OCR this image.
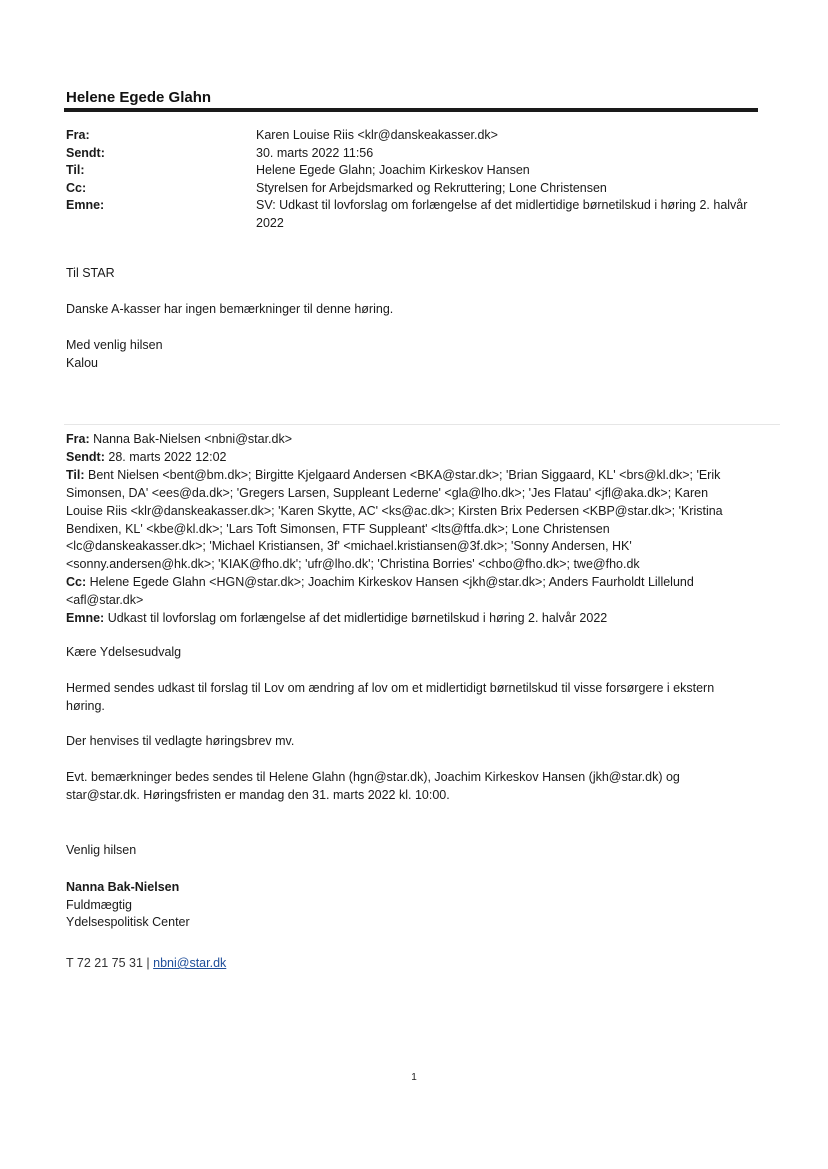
Helene Egede Glahn
Fra:	Karen Louise Riis <klr@danskeakasser.dk>
Sendt:	30. marts 2022 11:56
Til:	Helene Egede Glahn; Joachim Kirkeskov Hansen
Cc:	Styrelsen for Arbejdsmarked og Rekruttering; Lone Christensen
Emne:	SV: Udkast til lovforslag om forlængelse af det midlertidige børnetilskud i høring 2. halvår 2022

Til STAR

Danske A-kasser har ingen bemærkninger til denne høring.

Med venlig hilsen

Kalou

Fra: Nanna Bak-Nielsen <nbni@star.dk>

Sendt: 28. marts 2022 12:02

Til: Bent Nielsen <bent@bm.dk>; Birgitte Kjelgaard Andersen <BKA@star.dk>; 'Brian Siggaard, KL' <brs@kl.dk>; 'Erik Simonsen, DA' <ees@da.dk>; 'Gregers Larsen, Suppleant Ledernе' <gla@lho.dk>; 'Jes Flatau' <jfl@aka.dk>; Karen Louise Riis <klr@danskeakasser.dk>; 'Karen Skytte, AC' <ks@ac.dk>; Kirsten Brix Pedersen <KBP@star.dk>; 'Kristina Bendixen, KL' <kbe@kl.dk>; 'Lars Toft Simonsen, FTF Suppleant' <lts@ftfa.dk>; Lone Christensen <lc@danskeakasser.dk>; 'Michael Kristiansen, 3f' <michael.kristiansen@3f.dk>; 'Sonny Andersen, HK' <sonny.andersen@hk.dk>; 'KIAK@fho.dk'; 'ufr@lho.dk'; 'Christina Borries' <chbo@fho.dk>; twe@fho.dk

Cc: Helene Egede Glahn <HGN@star.dk>; Joachim Kirkeskov Hansen <jkh@star.dk>; Anders Faurholdt Lillelund <afl@star.dk>

Emne: Udkast til lovforslag om forlængelse af det midlertidige børnetilskud i høring 2. halvår 2022

Kære Ydelsesudvalg

Hermed sendes udkast til forslag til Lov om ændring af lov om et midlertidigt børnetilskud til visse forsørgere i ekstern høring.

Der henvises til vedlagte høringsbrev mv.

Evt. bemærkninger bedes sendes til Helene Glahn (hgn@star.dk), Joachim Kirkeskov Hansen (jkh@star.dk) og star@star.dk. Høringsfristen er mandag den 31. marts 2022 kl. 10:00.

Venlig hilsen

Nanna Bak-Nielsen

Fuldmægtig

Ydelsespolitisk Center

T 72 21 75 31 | nbni@star.dk
1
